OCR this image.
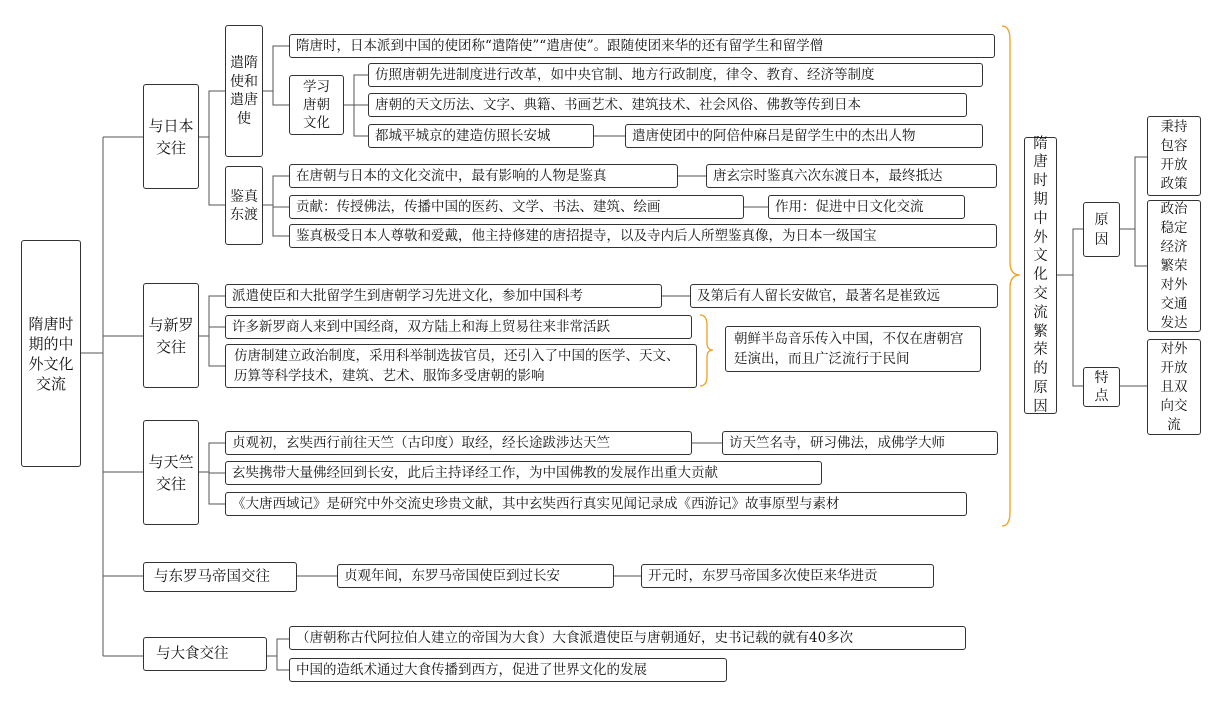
隋唐时期的中外文化交流
与日本交往
遣隋使和遣唐使
隋唐时，日本派到中国的使团称“遣隋使”“遣唐使”。跟随使团来华的还有留学生和留学僧
学习唐朝文化
仿照唐朝先进制度进行改革，如中央官制、地方行政制度，律令、教育、经济等制度
唐朝的天文历法、文字、典籍、书画艺术、建筑技术、社会风俗、佛教等传到日本
都城平城京的建造仿照长安城	遣唐使团中的阿倍仲麻吕是留学生中的杰出人物
鉴真东渡
在唐朝与日本的文化交流中，最有影响的人物是鉴真	唐玄宗时鉴真六次东渡日本，最终抵达
贡献：传授佛法，传播中国的医药、文学、书法、建筑、绘画	作用：促进中日文化交流
鉴真极受日本人尊敬和爱戴，他主持修建的唐招提寺，以及寺内后人所塑鉴真像，为日本一级国宝
与新罗交往
派遣使臣和大批留学生到唐朝学习先进文化，参加中国科考	及第后有人留长安做官，最著名是崔致远
许多新罗商人来到中国经商，双方陆上和海上贸易往来非常活跃
仿唐制建立政治制度，采用科举制选拔官员，还引入了中国的医学、天文、历算等科学技术，建筑、艺术、服饰多受唐朝的影响
朝鲜半岛音乐传入中国，不仅在唐朝宫廷演出，而且广泛流行于民间
与天竺交往
贞观初，玄奘西行前往天竺（古印度）取经，经长途跋涉达天竺	访天竺名寺，研习佛法，成佛学大师
玄奘携带大量佛经回到长安，此后主持译经工作，为中国佛教的发展作出重大贡献
《大唐西域记》是研究中外交流史珍贵文献，其中玄奘西行真实见闻记录成《西游记》故事原型与素材
与东罗马帝国交往	贞观年间，东罗马帝国使臣到过长安	开元时，东罗马帝国多次使臣来华进贡
与大食交往
（唐朝称古代阿拉伯人建立的帝国为大食）大食派遣使臣与唐朝通好，史书记载的就有40多次
中国的造纸术通过大食传播到西方，促进了世界文化的发展
隋唐时期中外文化交流繁荣的原因
原因
秉持包容开放政策
政治稳定经济繁荣对外交通发达
特点
对外开放且双向交流
